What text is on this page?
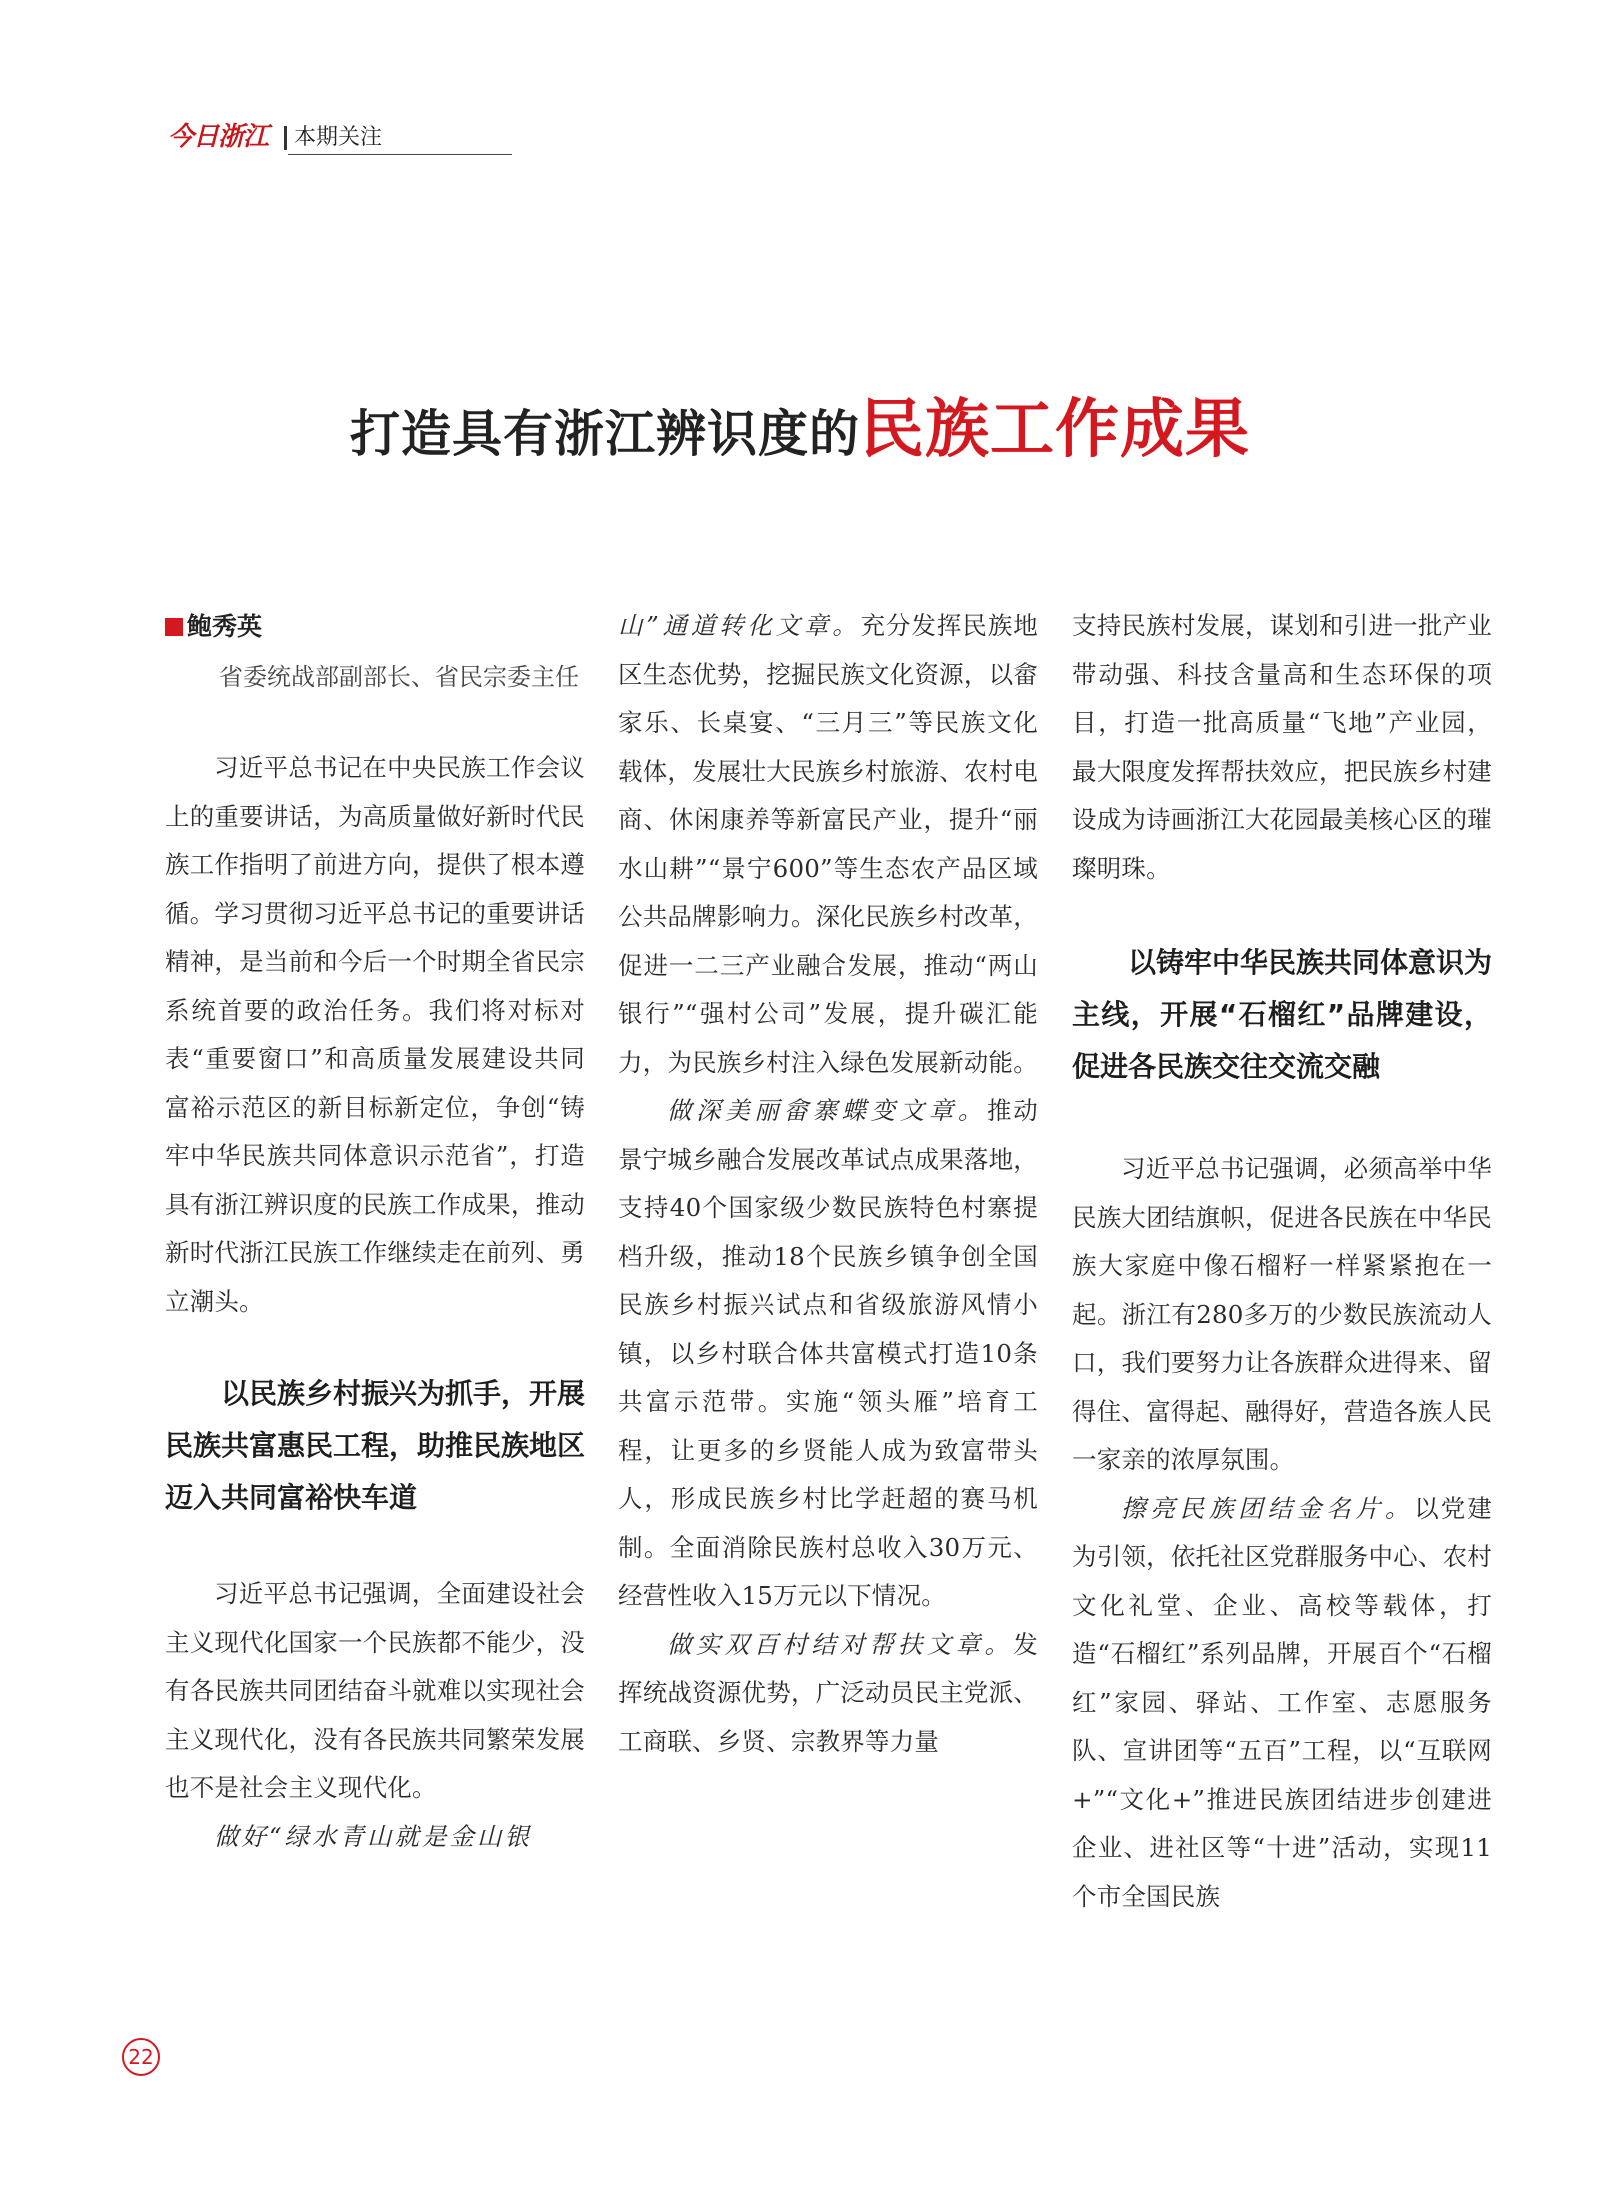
今日浙江 本期关注
打造具有浙江辨识度的民族工作成果
鲍秀英
省委统战部副部长、省民宗委主任

习近平总书记在中央民族工作会议上的重要讲话，为高质量做好新时代民族工作指明了前进方向，提供了根本遵循。学习贯彻习近平总书记的重要讲话精神，是当前和今后一个时期全省民宗系统首要的政治任务。我们将对标对表“重要窗口”和高质量发展建设共同富裕示范区的新目标新定位，争创“铸牢中华民族共同体意识示范省”，打造具有浙江辨识度的民族工作成果，推动新时代浙江民族工作继续走在前列、勇立潮头。

以民族乡村振兴为抓手，开展民族共富惠民工程，助推民族地区迈入共同富裕快车道

习近平总书记强调，全面建设社会主义现代化国家一个民族都不能少，没有各民族共同团结奋斗就难以实现社会主义现代化，没有各民族共同繁荣发展也不是社会主义现代化。

做好“绿水青山就是金山银

山”通道转化文章。充分发挥民族地区生态优势，挖掘民族文化资源，以畲家乐、长桌宴、“三月三”等民族文化载体，发展壮大民族乡村旅游、农村电商、休闲康养等新富民产业，提升“丽水山耕”“景宁600”等生态农产品区域公共品牌影响力。深化民族乡村改革，促进一二三产业融合发展，推动“两山银行”“强村公司”发展，提升碳汇能力，为民族乡村注入绿色发展新动能。

做深美丽畲寨蝶变文章。推动景宁城乡融合发展改革试点成果落地，支持40个国家级少数民族特色村寨提档升级，推动18个民族乡镇争创全国民族乡村振兴试点和省级旅游风情小镇，以乡村联合体共富模式打造10条共富示范带。实施“领头雁”培育工程，让更多的乡贤能人成为致富带头人，形成民族乡村比学赶超的赛马机制。全面消除民族村总收入30万元、经营性收入15万元以下情况。

做实双百村结对帮扶文章。发挥统战资源优势，广泛动员民主党派、工商联、乡贤、宗教界等力量

支持民族村发展，谋划和引进一批产业带动强、科技含量高和生态环保的项目，打造一批高质量“飞地”产业园，最大限度发挥帮扶效应，把民族乡村建设成为诗画浙江大花园最美核心区的璀璨明珠。

以铸牢中华民族共同体意识为主线，开展“石榴红”品牌建设，促进各民族交往交流交融

习近平总书记强调，必须高举中华民族大团结旗帜，促进各民族在中华民族大家庭中像石榴籽一样紧紧抱在一起。浙江有280多万的少数民族流动人口，我们要努力让各族群众进得来、留得住、富得起、融得好，营造各族人民一家亲的浓厚氛围。

擦亮民族团结金名片。以党建为引领，依托社区党群服务中心、农村文化礼堂、企业、高校等载体，打造“石榴红”系列品牌，开展百个“石榴红”家园、驿站、工作室、志愿服务队、宣讲团等“五百”工程，以“互联网+”“文化+”推进民族团结进步创建进企业、进社区等“十进”活动，实现11个市全国民族

22
